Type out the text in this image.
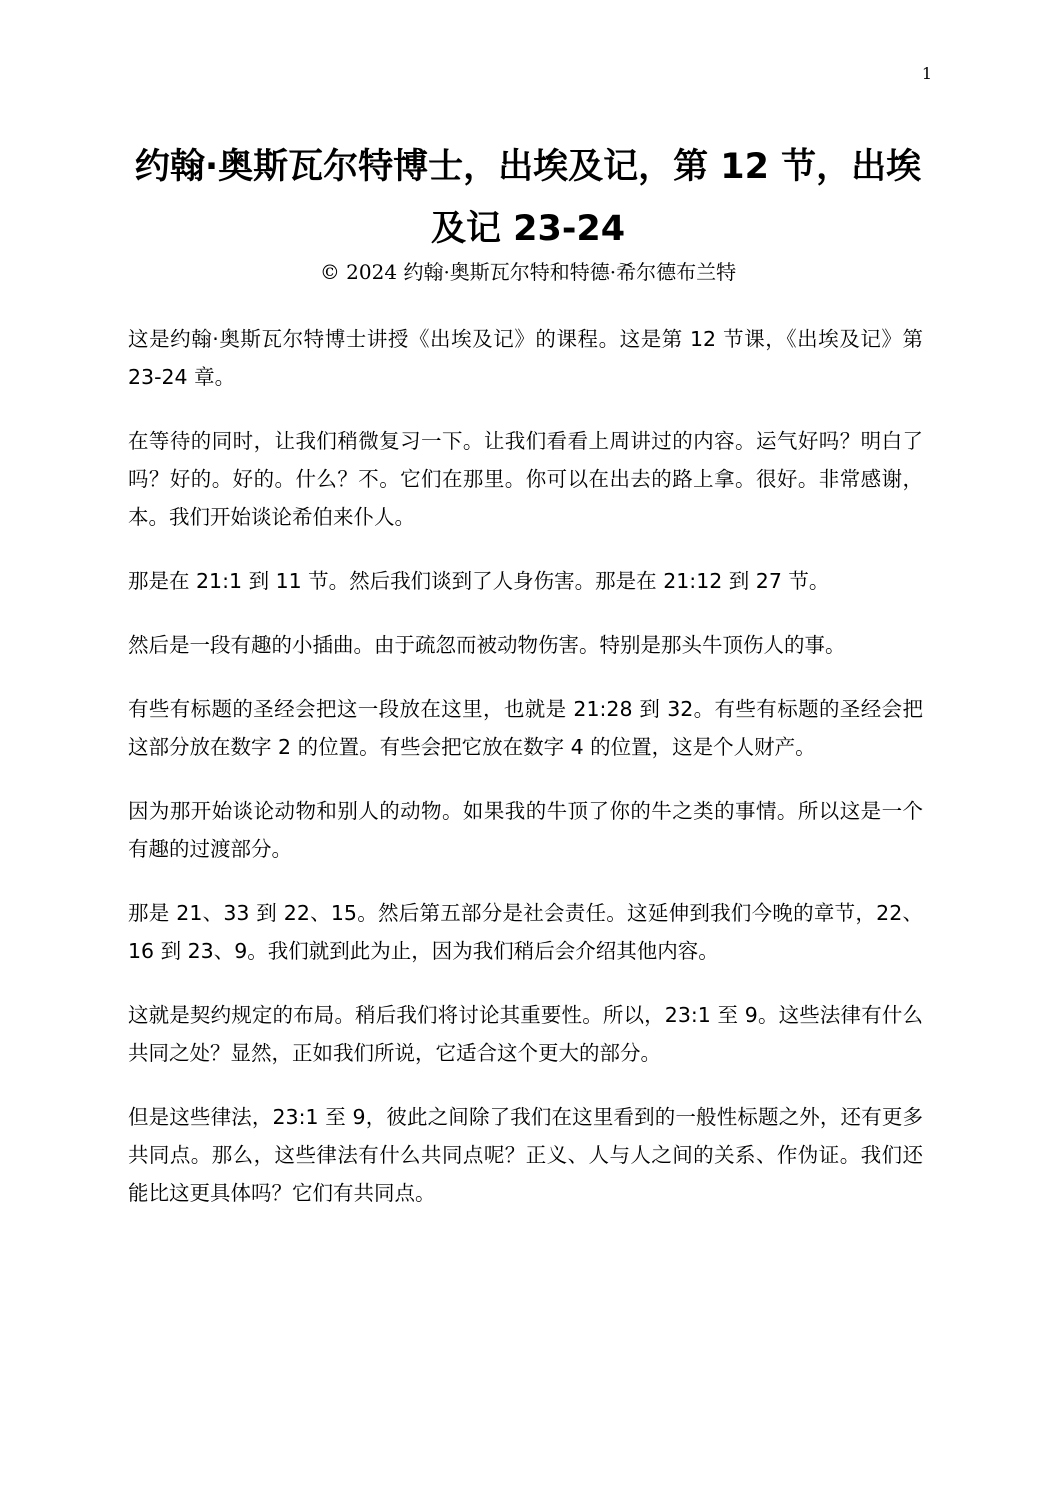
1
约翰·奥斯瓦尔特博士，出埃及记，第 12 节，出埃及记 23-24
© 2024 约翰·奥斯瓦尔特和特德·希尔德布兰特

这是约翰·奥斯瓦尔特博士讲授《出埃及记》的课程。这是第 12 节课，《出埃及记》第 23-24 章。

在等待的同时，让我们稍微复习一下。让我们看看上周讲过的内容。运气好吗？明白了吗？好的。好的。什么？不。它们在那里。你可以在出去的路上拿。很好。非常感谢，本。我们开始谈论希伯来仆人。

那是在 21:1 到 11 节。然后我们谈到了人身伤害。那是在 21:12 到 27 节。

然后是一段有趣的小插曲。由于疏忽而被动物伤害。特别是那头牛顶伤人的事。

有些有标题的圣经会把这一段放在这里，也就是 21:28 到 32。有些有标题的圣经会把这部分放在数字 2 的位置。有些会把它放在数字 4 的位置，这是个人财产。

因为那开始谈论动物和别人的动物。如果我的牛顶了你的牛之类的事情。所以这是一个有趣的过渡部分。

那是 21、33 到 22、15。然后第五部分是社会责任。这延伸到我们今晚的章节，22、16 到 23、9。我们就到此为止，因为我们稍后会介绍其他内容。

这就是契约规定的布局。稍后我们将讨论其重要性。所以，23:1 至 9。这些法律有什么共同之处？显然，正如我们所说，它适合这个更大的部分。

但是这些律法，23:1 至 9，彼此之间除了我们在这里看到的一般性标题之外，还有更多共同点。那么，这些律法有什么共同点呢？正义、人与人之间的关系、作伪证。我们还能比这更具体吗？它们有共同点。
